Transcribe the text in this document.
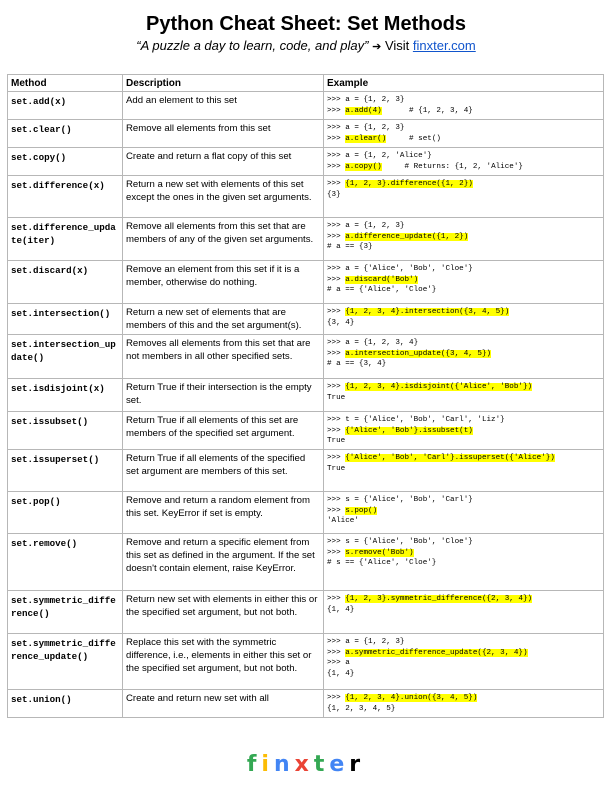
Python Cheat Sheet: Set Methods
“A puzzle a day to learn, code, and play” ➔ Visit finxter.com
Method	Description	Example
set.add(x)	Add an element to this set	>>> a = {1, 2, 3}
>>> a.add(4)      # {1, 2, 3, 4}

set.clear()	Remove all elements from this set	>>> a = {1, 2, 3}
>>> a.clear()     # set()

set.copy()	Create and return a flat copy of this set	>>> a = {1, 2, 'Alice'}
>>> a.copy()     # Returns: {1, 2, 'Alice'}

set.difference(x)	Return a new set with elements of this set except the ones in the given set arguments.	>>> {1, 2, 3}.difference({1, 2})
{3}

set.difference_update(iter)	Remove all elements from this set that are members of any of the given set arguments.	>>> a = {1, 2, 3}
>>> a.difference_update({1, 2})
# a == {3}

set.discard(x)	Remove an element from this set if it is a member, otherwise do nothing.	>>> a = {'Alice', 'Bob', 'Cloe'}
>>> a.discard('Bob')
# a == {'Alice', 'Cloe'}

set.intersection()	Return a new set of elements that are members of this and the set argument(s).	>>> {1, 2, 3, 4}.intersection({3, 4, 5})
{3, 4}

set.intersection_update()	Removes all elements from this set that are not members in all other specified sets.	>>> a = {1, 2, 3, 4}
>>> a.intersection_update({3, 4, 5})
# a == {3, 4}

set.isdisjoint(x)	Return True if their intersection is the empty set.	>>> {1, 2, 3, 4}.isdisjoint({'Alice', 'Bob'})
True

set.issubset()	Return True if all elements of this set are members of the specified set argument.	>>> t = {'Alice', 'Bob', 'Carl', 'Liz'}
>>> {'Alice', 'Bob'}.issubset(t)
True

set.issuperset()	Return True if all elements of the specified set argument are members of this set.	>>> {'Alice', 'Bob', 'Carl'}.issuperset({'Alice'})
True

set.pop()	Remove and return a random element from this set. KeyError if set is empty.	>>> s = {'Alice', 'Bob', 'Carl'}
>>> s.pop()
'Alice'

set.remove()	Remove and return a specific element from this set as defined in the argument. If the set doesn't contain element, raise KeyError.	>>> s = {'Alice', 'Bob', 'Cloe'}
>>> s.remove('Bob')
# s == {'Alice', 'Cloe'}

set.symmetric_difference()	Return new set with elements in either this or the specified set argument, but not both.	>>> {1, 2, 3}.symmetric_difference({2, 3, 4})
{1, 4}

set.symmetric_difference_update()	Replace this set with the symmetric difference, i.e., elements in either this set or the specified set argument, but not both.	>>> a = {1, 2, 3}
>>> a.symmetric_difference_update({2, 3, 4})
>>> a
{1, 4}

set.union()	Create and return new set with all	>>> {1, 2, 3, 4}.union({3, 4, 5})
{1, 2, 3, 4, 5}
finxter
